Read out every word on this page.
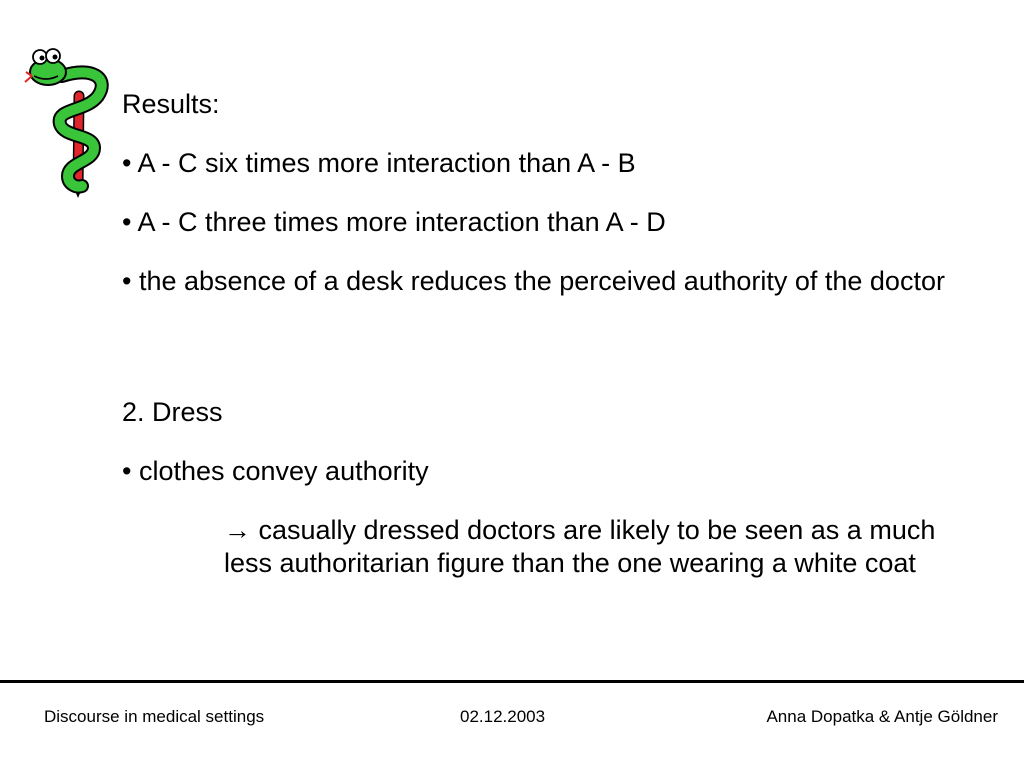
Results:
• A - C six times more interaction than A - B
• A - C three times more interaction than A - D
• the absence of a desk reduces the perceived authority of the doctor
2. Dress
• clothes convey authority
→ casually dressed doctors are likely to be seen as a much less authoritarian figure than the one wearing a white coat
Discourse in medical settings	02.12.2003	Anna Dopatka & Antje Göldner
